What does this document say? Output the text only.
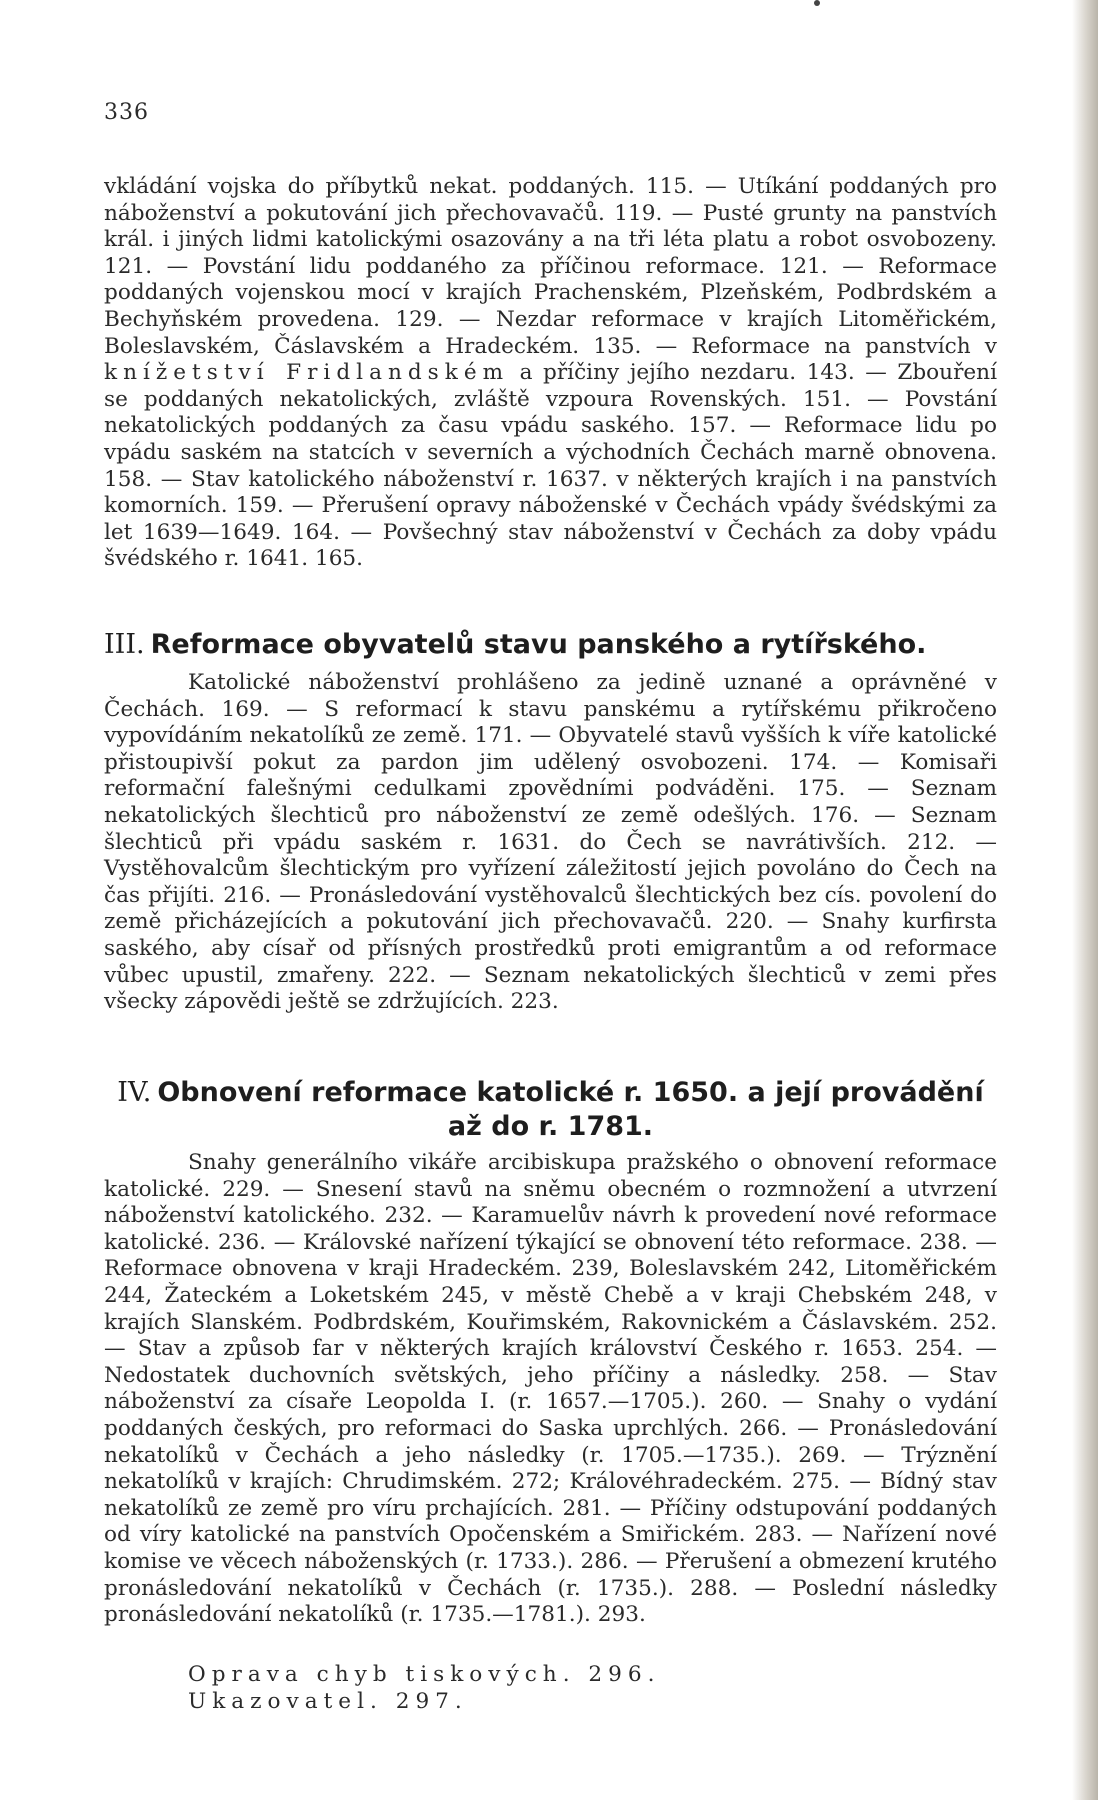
336
vkládání vojska do příbytků nekat. poddaných. 115. — Utíkání poddaných pro náboženství a pokutování jich přechovavačů. 119. — Pusté grunty na panstvích král. i jiných lidmi katolickými osazovány a na tři léta platu a robot osvobozeny. 121. — Povstání lidu poddaného za příčinou reformace. 121. — Reformace poddaných vojenskou mocí v krajích Prachenském, Plzeňském, Podbrdském a Bechyňském provedena. 129. — Nezdar reformace v krajích Litoměřickém, Boleslavském, Čáslavském a Hradeckém. 135. — Reformace na panstvích v knížetství Fridlandském a příčiny jejího nezdaru. 143. — Zbouření se poddaných nekatolických, zvláště vzpoura Rovenských. 151. — Povstání nekatolických poddaných za času vpádu saského. 157. — Reformace lidu po vpádu saském na statcích v severních a východních Čechách marně obnovena. 158. — Stav katolického náboženství r. 1637. v některých krajích i na panstvích komorních. 159. — Přerušení opravy náboženské v Čechách vpády švédskými za let 1639—1649. 164. — Povšechný stav náboženství v Čechách za doby vpádu švédského r. 1641. 165.
III. Reformace obyvatelů stavu panského a rytířského.
Katolické náboženství prohlášeno za jedině uznané a oprávněné v Čechách. 169. — S reformací k stavu panskému a rytířskému přikročeno vypovídáním nekatolíků ze země. 171. — Obyvatelé stavů vyšších k víře katolické přistoupivší pokut za pardon jim udělený osvobozeni. 174. — Komisaři reformační falešnými cedulkami zpovědními podváděni. 175. — Seznam nekatolických šlechticů pro náboženství ze země odešlých. 176. — Seznam šlechticů při vpádu saském r. 1631. do Čech se navrátivších. 212. — Vystěhovalcům šlechtickým pro vyřízení záležitostí jejich povoláno do Čech na čas přijíti. 216. — Pronásledování vystěhovalců šlechtických bez cís. povolení do země přicházejících a pokutování jich přechovavačů. 220. — Snahy kurfirsta saského, aby císař od přísných prostředků proti emigrantům a od reformace vůbec upustil, zmařeny. 222. — Seznam nekatolických šlechticů v zemi přes všecky zápovědi ještě se zdržujících. 223.
IV. Obnovení reformace katolické r. 1650. a její provádění až do r. 1781.
Snahy generálního vikáře arcibiskupa pražského o obnovení reformace katolické. 229. — Snesení stavů na sněmu obecném o rozmnožení a utvrzení náboženství katolického. 232. — Karamuelův návrh k provedení nové reformace katolické. 236. — Královské nařízení týkající se obnovení této reformace. 238. — Reformace obnovena v kraji Hradeckém. 239, Boleslavském 242, Litoměřickém 244, Žateckém a Loketském 245, v městě Chebě a v kraji Chebském 248, v krajích Slanském. Podbrdském, Kouřimském, Rakovnickém a Čáslavském. 252. — Stav a způsob far v některých krajích království Českého r. 1653. 254. — Nedostatek duchovních světských, jeho příčiny a následky. 258. — Stav náboženství za císaře Leopolda I. (r. 1657.—1705.). 260. — Snahy o vydání poddaných českých, pro reformaci do Saska uprchlých. 266. — Pronásledování nekatolíků v Čechách a jeho následky (r. 1705.—1735.). 269. — Trýznění nekatolíků v krajích: Chrudimském. 272; Královéhradeckém. 275. — Bídný stav nekatolíků ze země pro víru prchajících. 281. — Příčiny odstupování poddaných od víry katolické na panstvích Opočenském a Smiřickém. 283. — Nařízení nové komise ve věcech náboženských (r. 1733.). 286. — Přerušení a obmezení krutého pronásledování nekatolíků v Čechách (r. 1735.). 288. — Poslední následky pronásledování nekatolíků (r. 1735.—1781.). 293.
Oprava chyb tiskových. 296.
Ukazovatel. 297.
